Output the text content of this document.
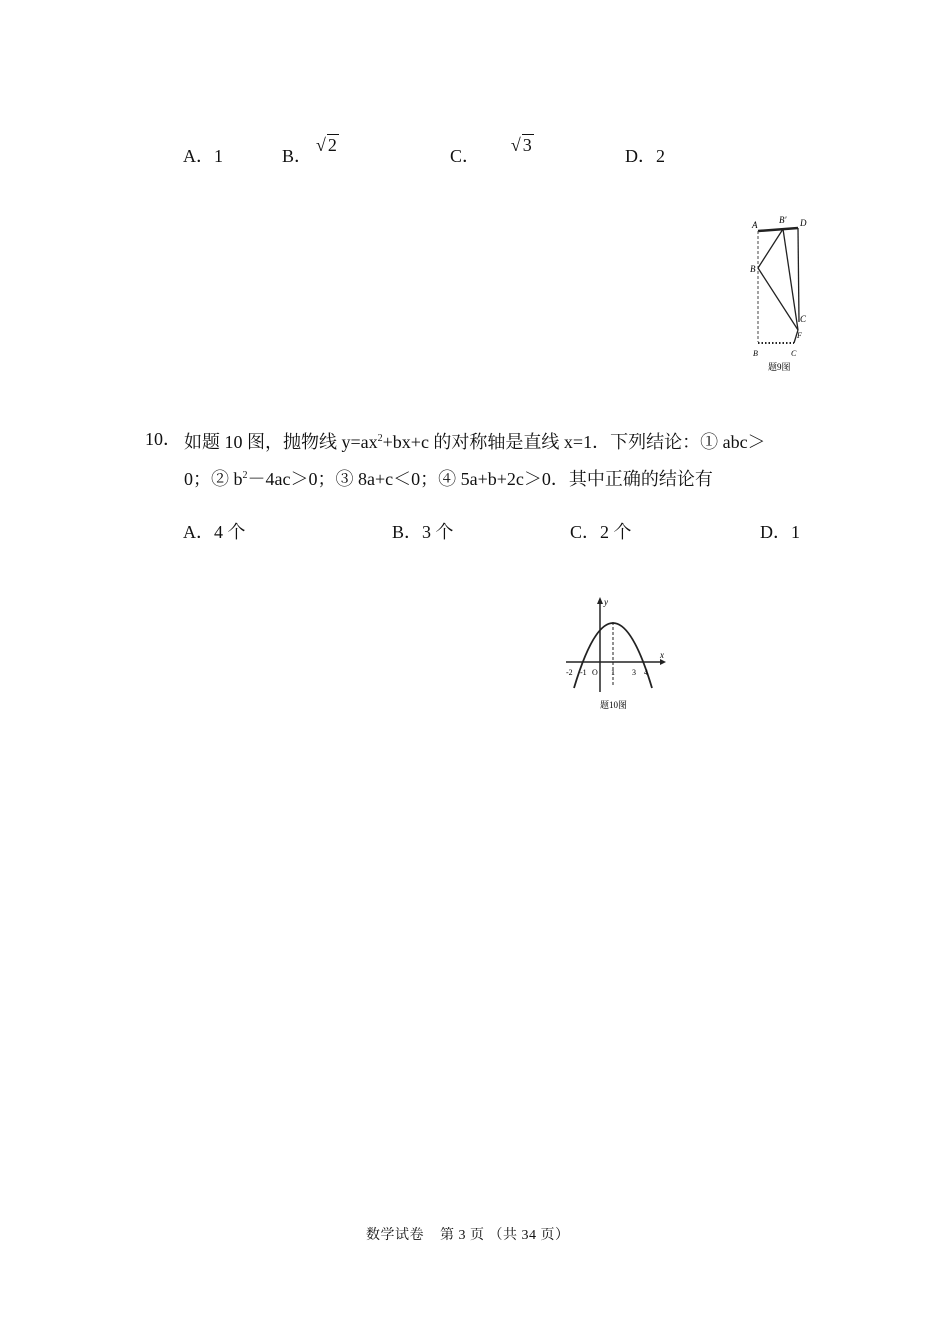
A．1	B．
√ 2
C．
√ 3
D．2
A B' D
B
C
F
B	C
题9图
10． 如题 10 图，抛物线 $y=ax^2+bx+c$ 的对称轴是直线 x=1．下列结论：① abc＞
0；② $b^2-4ac>0$；③ 8a+c＜0；④ 5a+b+2c＞0．其中正确的结论有
A．4 个	B．3 个	C．2 个	D．1
y
x
-2 -1 O 1 3 4
题10图
数学试卷 第 3 页 （共 34 页）
